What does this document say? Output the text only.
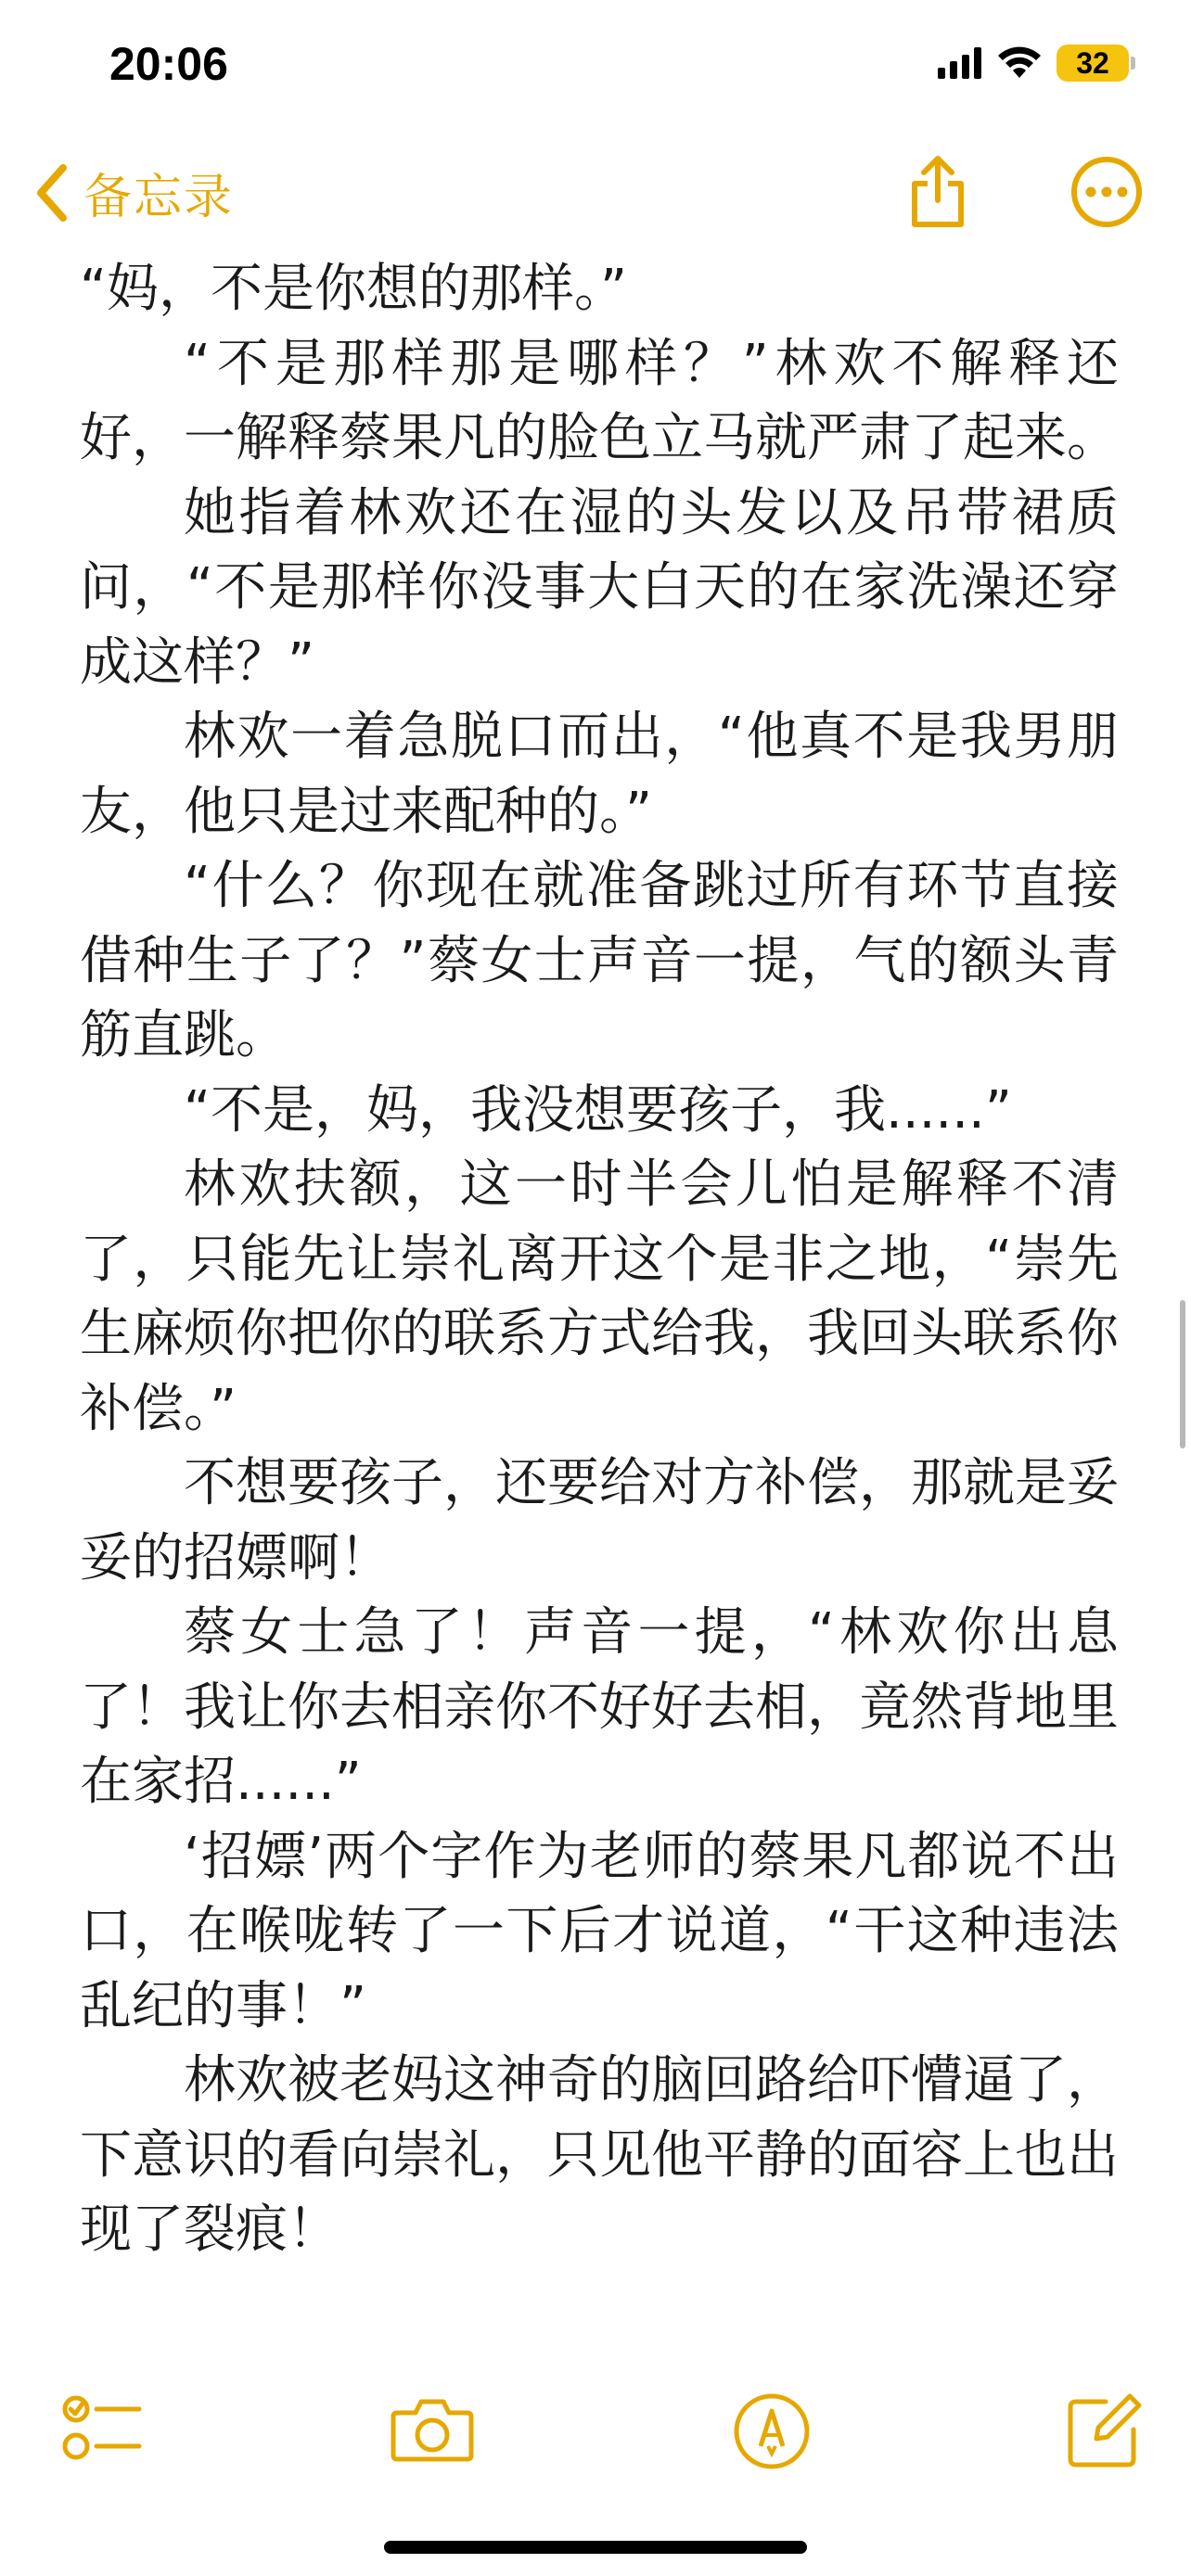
20:06	32
备忘录

“妈，不是你想的那样。”

“不是那样那是哪样？”林欢不解释还好，一解释蔡果凡的脸色立马就严肃了起来。

她指着林欢还在湿的头发以及吊带裙质问，“不是那样你没事大白天的在家洗澡还穿成这样？”

林欢一着急脱口而出，“他真不是我男朋友，他只是过来配种的。”

“什么？你现在就准备跳过所有环节直接借种生子了？”蔡女士声音一提，气的额头青筋直跳。

“不是，妈，我没想要孩子，我......”

林欢扶额，这一时半会儿怕是解释不清了，只能先让崇礼离开这个是非之地，“崇先生麻烦你把你的联系方式给我，我回头联系你补偿。”

不想要孩子，还要给对方补偿，那就是妥妥的招嫖啊！

蔡女士急了！声音一提，“林欢你出息了！我让你去相亲你不好好去相，竟然背地里在家招......”

‘招嫖’两个字作为老师的蔡果凡都说不出口，在喉咙转了一下后才说道，“干这种违法乱纪的事！”

林欢被老妈这神奇的脑回路给吓懵逼了，下意识的看向崇礼，只见他平静的面容上也出现了裂痕！
